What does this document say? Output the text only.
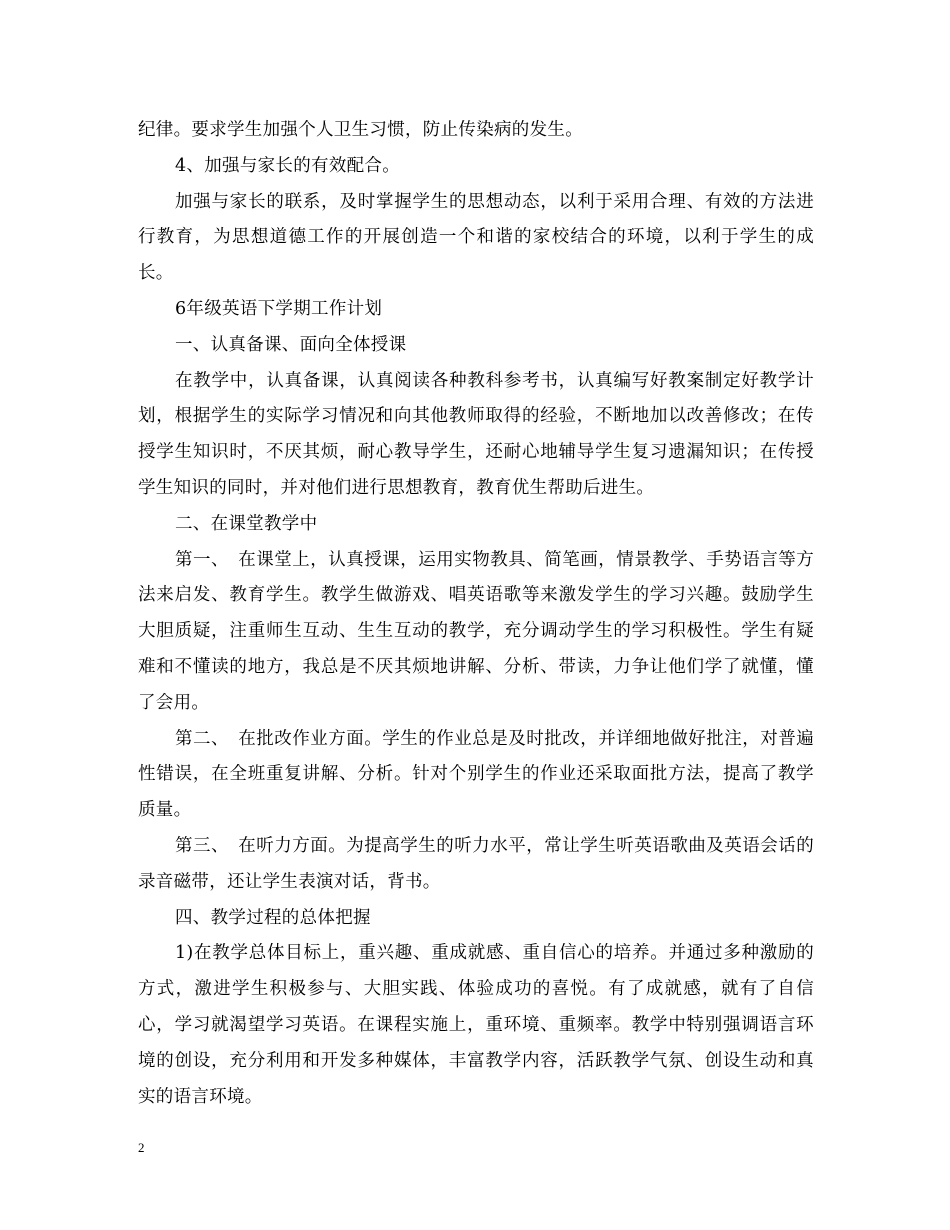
纪律。要求学生加强个人卫生习惯，防止传染病的发生。

4、加强与家长的有效配合。

加强与家长的联系，及时掌握学生的思想动态，以利于采用合理、有效的方法进行教育，为思想道德工作的开展创造一个和谐的家校结合的环境，以利于学生的成长。

6年级英语下学期工作计划

一、认真备课、面向全体授课

在教学中，认真备课，认真阅读各种教科参考书，认真编写好教案制定好教学计划，根据学生的实际学习情况和向其他教师取得的经验，不断地加以改善修改；在传授学生知识时，不厌其烦，耐心教导学生，还耐心地辅导学生复习遗漏知识；在传授学生知识的同时，并对他们进行思想教育，教育优生帮助后进生。

二、在课堂教学中

第一、　在课堂上，认真授课，运用实物教具、简笔画，情景教学、手势语言等方法来启发、教育学生。教学生做游戏、唱英语歌等来激发学生的学习兴趣。鼓励学生大胆质疑，注重师生互动、生生互动的教学，充分调动学生的学习积极性。学生有疑难和不懂读的地方，我总是不厌其烦地讲解、分析、带读，力争让他们学了就懂，懂了会用。

第二、　在批改作业方面。学生的作业总是及时批改，并详细地做好批注，对普遍性错误，在全班重复讲解、分析。针对个别学生的作业还采取面批方法，提高了教学质量。

第三、　在听力方面。为提高学生的听力水平，常让学生听英语歌曲及英语会话的录音磁带，还让学生表演对话，背书。

四、教学过程的总体把握

1)在教学总体目标上，重兴趣、重成就感、重自信心的培养。并通过多种激励的方式，激进学生积极参与、大胆实践、体验成功的喜悦。有了成就感，就有了自信心，学习就渴望学习英语。在课程实施上，重环境、重频率。教学中特别强调语言环境的创设，充分利用和开发多种媒体，丰富教学内容，活跃教学气氛、创设生动和真实的语言环境。

2
